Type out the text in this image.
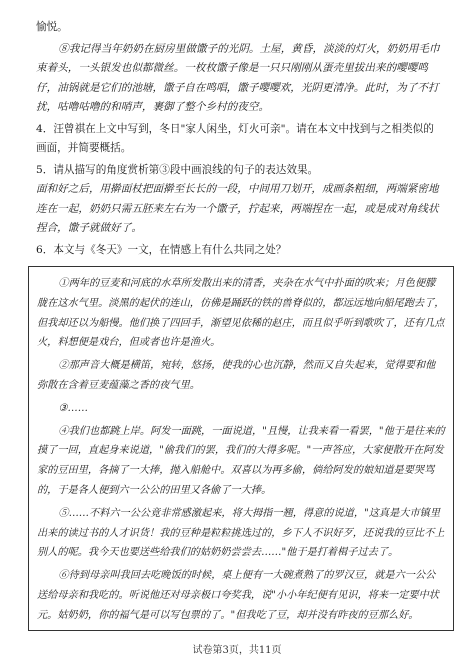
愉悦。

⑧我记得当年奶奶在厨房里做馓子的光阴。土屋，黄昏，淡淡的灯火，奶奶用毛巾束着头，一头银发也似都微丝。一枚枚馓子像是一只只刚刚从蛋壳里拔出来的嘤嘤鸣仔，油锅就是它们的池塘，馓子自在鸣唱，馓子嘤嘤欢，光阴更清净。此时，为了不打扰，咕噜咕噜的和哨声，裹御了整个乡村的夜空。

4．汪曾祺在上文中写到，冬日"家人闲坐，灯火可亲"。请在本文中找到与之相类似的画面，并简要概括。

5．请从描写的角度赏析第③段中画浪线的句子的表达效果。

面和好之后，用擀面杖把面擀至长长的一段，中间用刀划开，成画条粗细，两端紧密地连在一起，奶奶只需五胚来左右为一个馓子，拧起来，两端捏在一起，或是成对角线状捏合，馓子就做好了。

6．本文与《冬天》一文，在情感上有什么共同之处？

①两年的豆麦和河底的水草所发散出来的清香，夹杂在水气中扑面的吹来；月色便朦胧在这水气里。淡黑的起伏的连山，仿佛是踊跃的铁的兽脊似的，都远远地向船尾跑去了，但我却还以为船慢。他们换了四回手，渐望见依稀的赵庄，而且似乎听到歌吹了，还有几点火，料想便是戏台，但或者也许是渔火。

②那声音大概是横笛，宛转，悠扬，使我的心也沉静，然而又自失起来，觉得要和他弥散在含着豆麦蕴藻之香的夜气里。

③……

④我们也都跳上岸。阿发一面跳，一面说道，"且慢，让我来看一看罢，"他于是往来的摸了一回，直起身来说道，"偷我们的罢，我们的大得多呢。"一声答应，大家便散开在阿发家的豆田里，各摘了一大捧，抛入船舱中。双喜以为再多偷，倘给阿发的娘知道是要哭骂的，于是各人便到六一公公的田里又各偷了一大捧。

⑤……不料六一公公竟非常感激起来，将大拇指一翘，得意的说道，"这真是大市镇里出来的读过书的人才识货！我的豆种是粒粒挑选过的，乡下人不识好歹，还说我的豆比不上别人的呢。我今天也要送些给我们的姑奶奶尝尝去……"他于是打着楫子过去了。

⑥待到母亲叫我回去吃晚饭的时候，桌上便有一大碗煮熟了的罗汉豆，就是六一公公送给母亲和我吃的。听说他还对母亲极口夸奖我，说"小小年纪便有见识，将来一定要中状元。姑奶奶，你的福气是可以写包票的了。"但我吃了豆，却并没有昨夜的豆那么好。

试卷第3页，共11页
